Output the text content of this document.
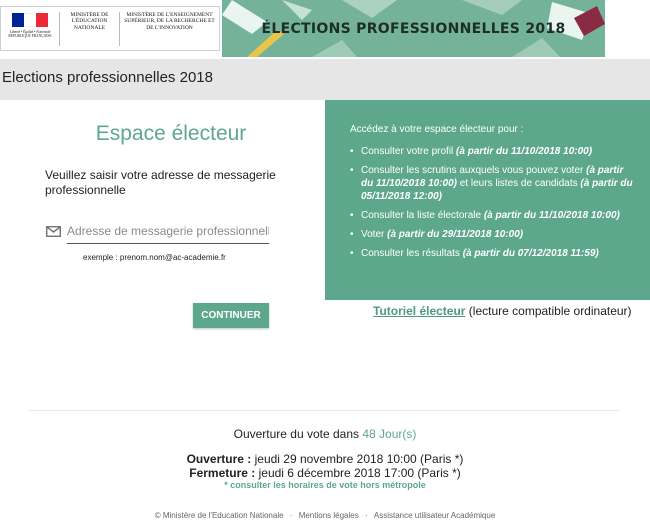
Liberté • Égalité • Fraternité RÉPUBLIQUE FRANÇAISE
MINISTÈRE DE L'ÉDUCATION NATIONALE
MINISTÈRE DE L'ENSEIGNEMENT SUPÉRIEUR, DE LA RECHERCHE ET DE L'INNOVATION	ÉLECTIONS PROFESSIONNELLES 2018
Elections professionnelles 2018
Espace électeur
Veuillez saisir votre adresse de messagerie professionnelle
Adresse de messagerie professionnelle
exemple : prenom.nom@ac-academie.fr
CONTINUER
Accédez à votre espace électeur pour :
• Consulter votre profil (à partir du 11/10/2018 10:00)
• Consulter les scrutins auxquels vous pouvez voter (à partir du 11/10/2018 10:00) et leurs listes de candidats (à partir du 05/11/2018 12:00)
• Consulter la liste électorale (à partir du 11/10/2018 10:00)
• Voter (à partir du 29/11/2018 10:00)
• Consulter les résultats (à partir du 07/12/2018 11:59)
Tutoriel électeur (lecture compatible ordinateur)
Ouverture du vote dans 48 Jour(s)
Ouverture : jeudi 29 novembre 2018 10:00 (Paris *)
Fermeture : jeudi 6 décembre 2018 17:00 (Paris *)
* consulter les horaires de vote hors métropole
© Ministère de l'Education Nationale · Mentions légales · Assistance utilisateur Académique
